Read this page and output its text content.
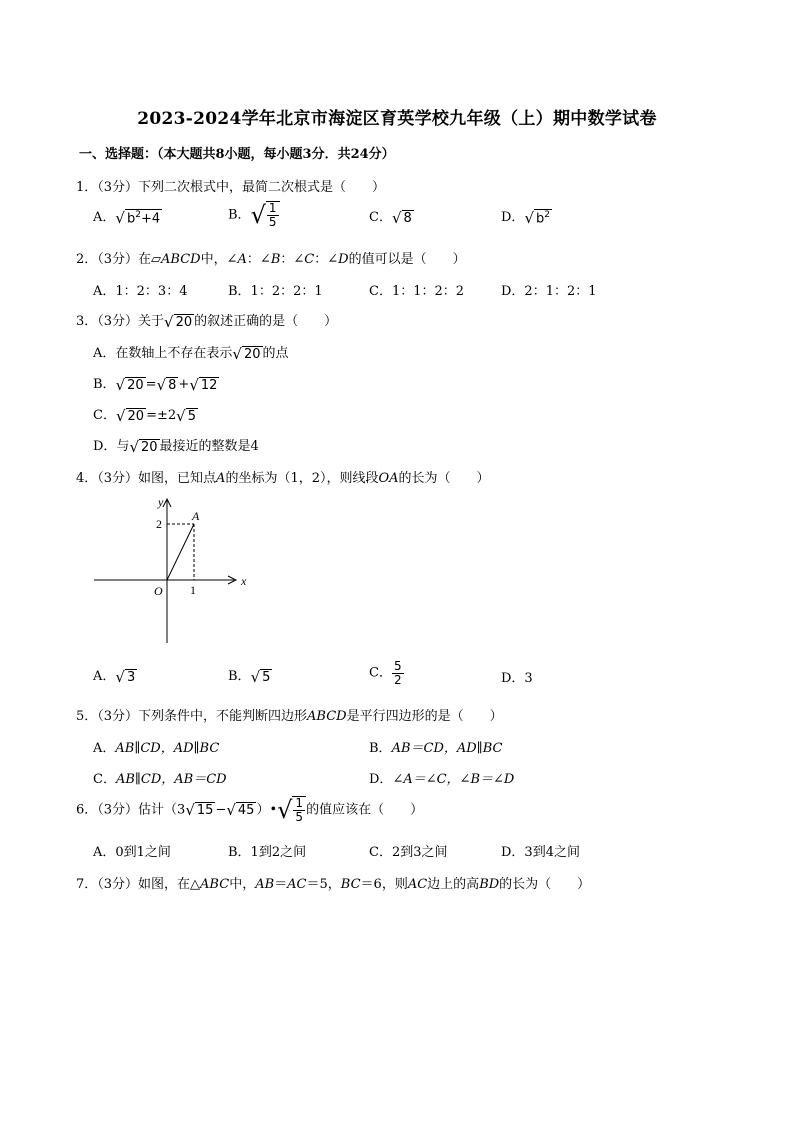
2023-2024学年北京市海淀区育英学校九年级（上）期中数学试卷
一、选择题：（本大题共8小题，每小题3分．共24分）
1．（3分）下列二次根式中，最简二次根式是（　　）
A．√ $b^2+4$	B．√ $\frac{1}{5}$	C．√ 8	D．√ $b^2$
2．（3分）在▱ABCD中，∠A：∠B：∠C：∠D的值可以是（　　）
A．1：2：3：4	B．1：2：2：1	C．1：1：2：2	D．2：1：2：1
3．（3分）关于√ 20 的叙述正确的是（　　）
A．在数轴上不存在表示√ 20 的点
B．√ 20 =√ 8 +√ 12
C．√ 20 =±2√ 5
D．与√ 20 最接近的整数是4
4．（3分）如图，已知点A的坐标为（1，2），则线段OA的长为（　　）
y
x
O
A
2
1
A．√ 3	B．√ 5	C． $\frac{5}{2}$	D．3
5．（3分）下列条件中，不能判断四边形ABCD是平行四边形的是（　　）
A．AB∥CD，AD∥BC	B．AB＝CD，AD∥BC
C．AB∥CD，AB＝CD	D．∠A＝∠C，∠B＝∠D
6．（3分）估计（3√ 15 −√ 45 ）•√ $\frac{1}{5}$ 的值应该在（　　）
A．0到1之间	B．1到2之间	C．2到3之间	D．3到4之间
7．（3分）如图，在△ABC中，AB＝AC＝5，BC＝6，则AC边上的高BD的长为（　　）
